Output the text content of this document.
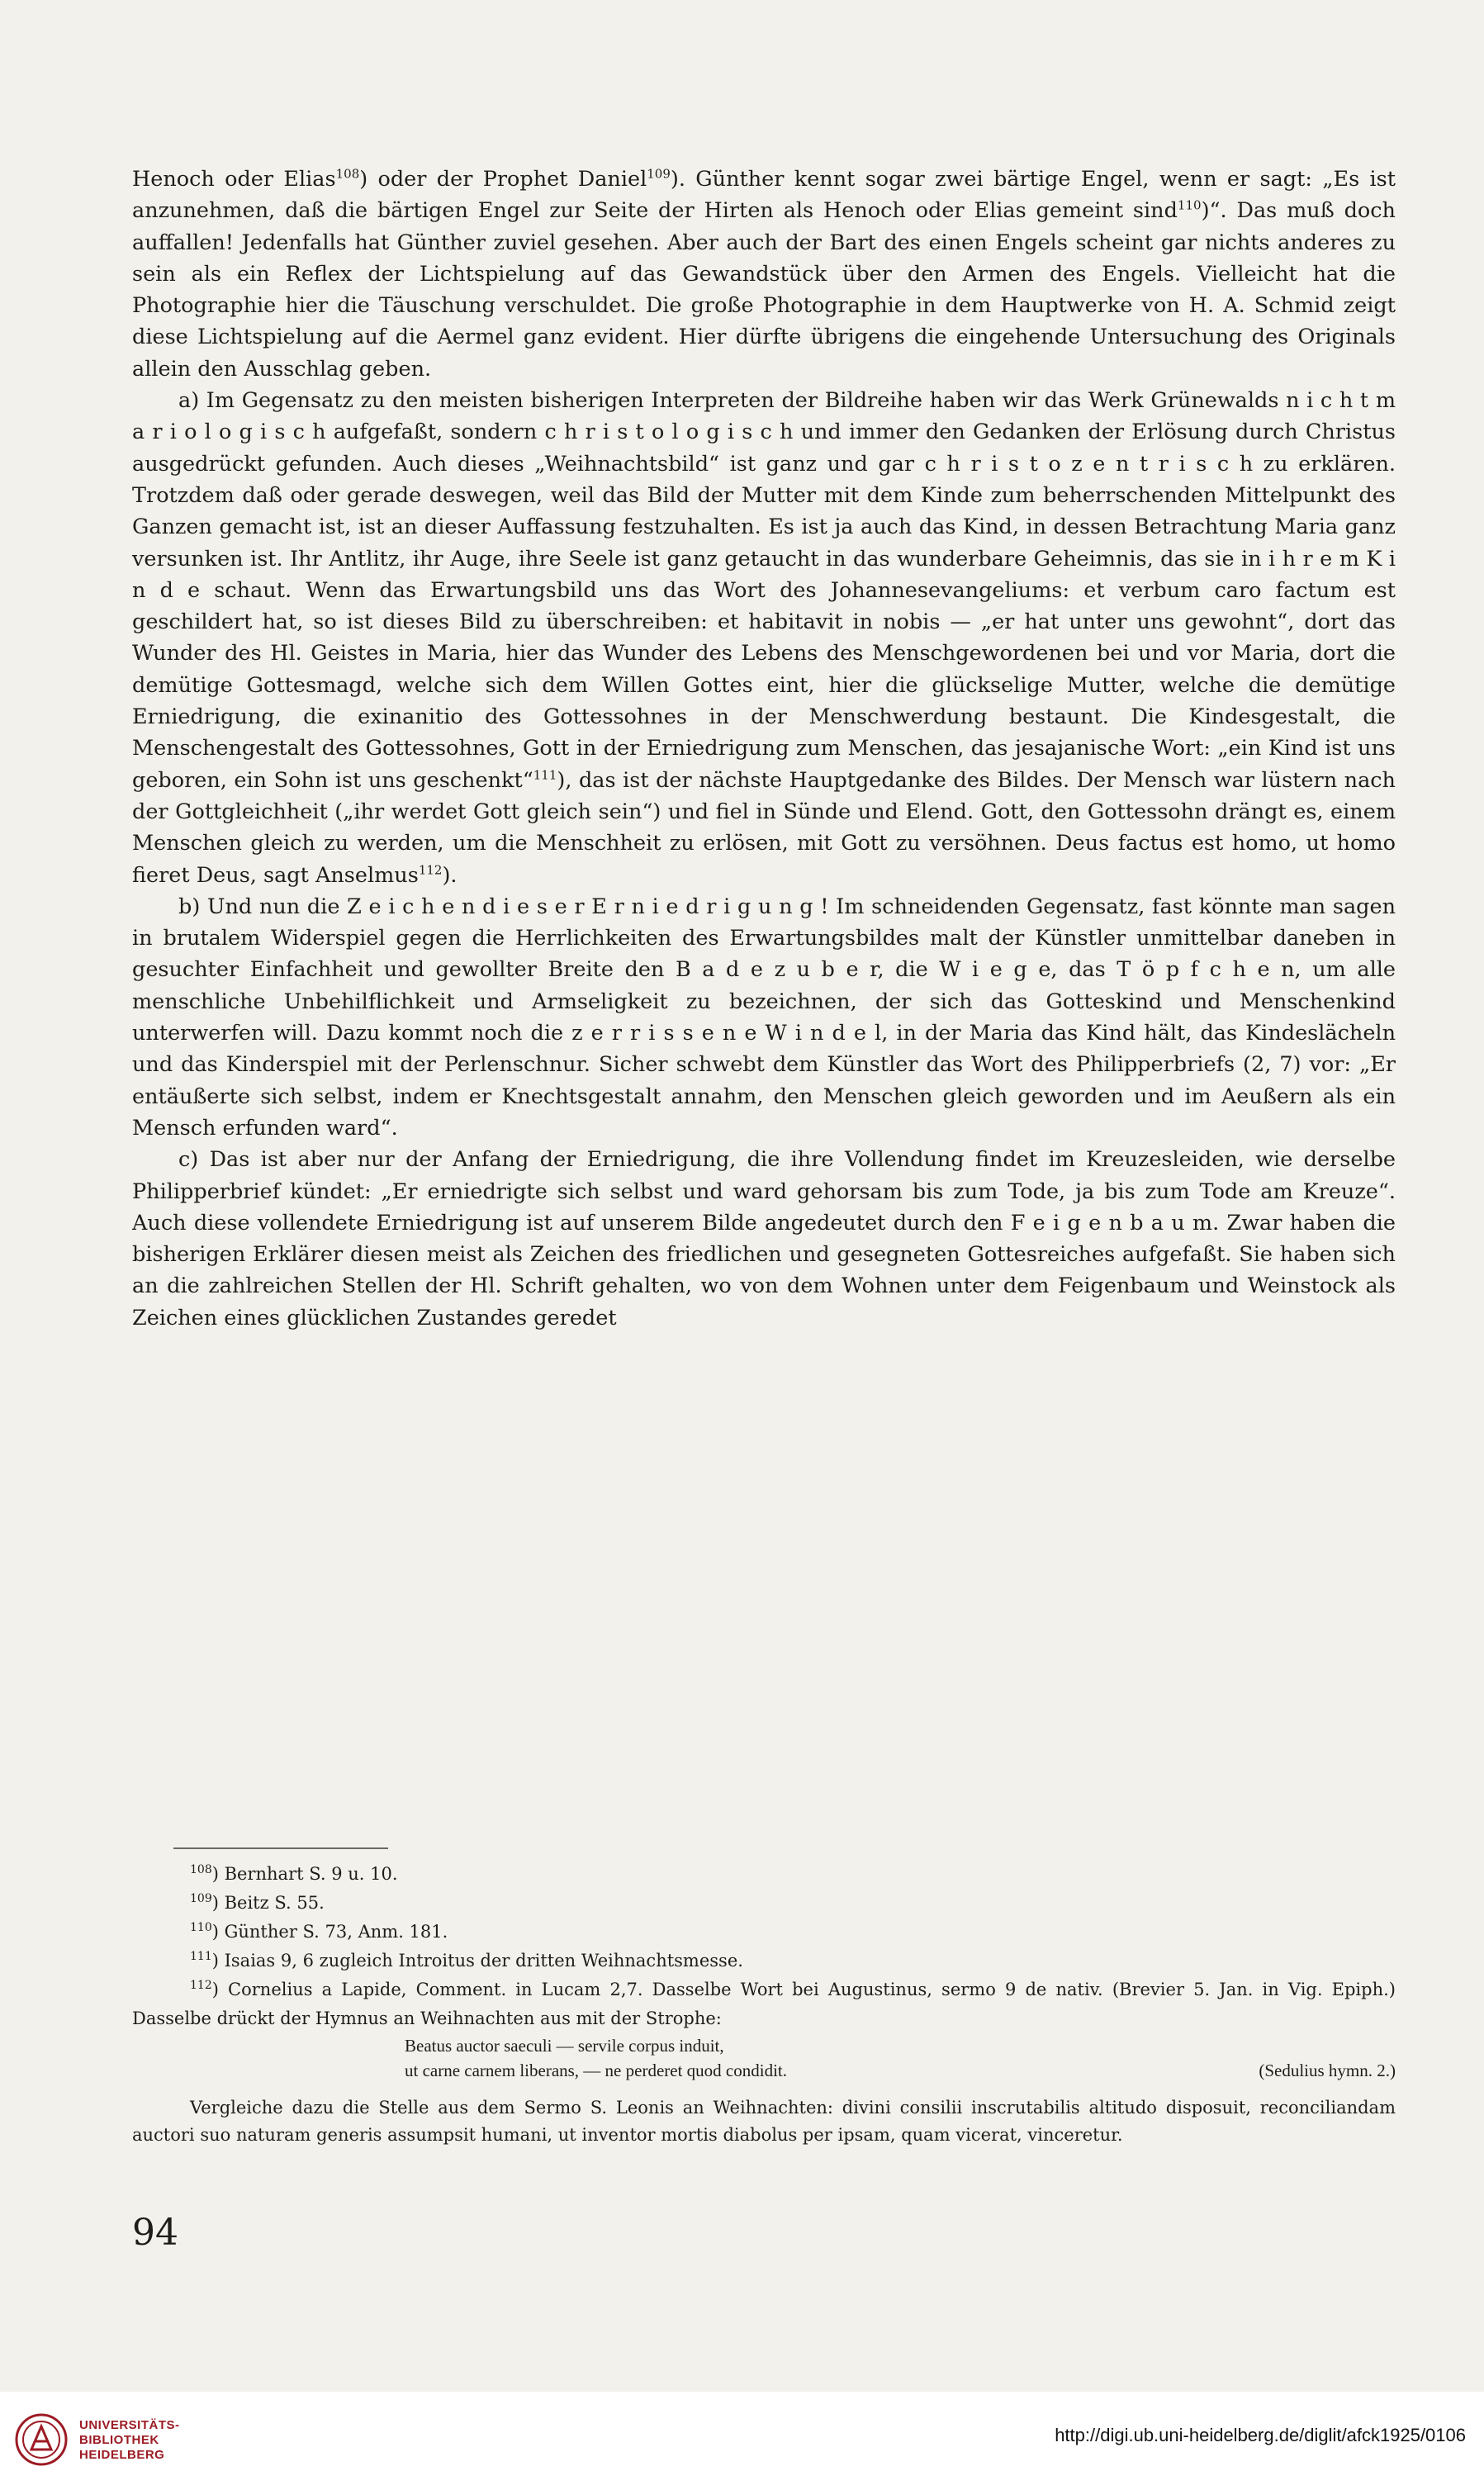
Henoch oder Elias$^{108}$) oder der Prophet Daniel$^{109}$). Günther kennt sogar zwei bärtige Engel, wenn er sagt: „Es ist anzunehmen, daß die bärtigen Engel zur Seite der Hirten als Henoch oder Elias gemeint sind$^{110}$)“. Das muß doch auffallen! Jedenfalls hat Günther zuviel gesehen. Aber auch der Bart des einen Engels scheint gar nichts anderes zu sein als ein Reflex der Lichtspielung auf das Gewandstück über den Armen des Engels. Vielleicht hat die Photographie hier die Täuschung verschuldet. Die große Photographie in dem Hauptwerke von H. A. Schmid zeigt diese Lichtspielung auf die Aermel ganz evident. Hier dürfte übrigens die eingehende Untersuchung des Originals allein den Ausschlag geben.

a) Im Gegensatz zu den meisten bisherigen Interpreten der Bildreihe haben wir das Werk Grünewalds n i c h t m a r i o l o g i s c h aufgefaßt, sondern c h r i s t o l o g i s c h und immer den Gedanken der Erlösung durch Christus ausgedrückt gefunden. Auch dieses „Weihnachtsbild“ ist ganz und gar c h r i s t o z e n t r i s c h zu erklären. Trotzdem daß oder gerade deswegen, weil das Bild der Mutter mit dem Kinde zum beherrschenden Mittelpunkt des Ganzen gemacht ist, ist an dieser Auffassung festzuhalten. Es ist ja auch das Kind, in dessen Betrachtung Maria ganz versunken ist. Ihr Antlitz, ihr Auge, ihre Seele ist ganz getaucht in das wunderbare Geheimnis, das sie in i h r e m K i n d e schaut. Wenn das Erwartungsbild uns das Wort des Johannesevangeliums: et verbum caro factum est geschildert hat, so ist dieses Bild zu überschreiben: et habitavit in nobis — „er hat unter uns gewohnt“, dort das Wunder des Hl. Geistes in Maria, hier das Wunder des Lebens des Menschgewordenen bei und vor Maria, dort die demütige Gottesmagd, welche sich dem Willen Gottes eint, hier die glückselige Mutter, welche die demütige Erniedrigung, die exinanitio des Gottessohnes in der Menschwerdung bestaunt. Die Kindesgestalt, die Menschengestalt des Gottessohnes, Gott in der Erniedrigung zum Menschen, das jesajanische Wort: „ein Kind ist uns geboren, ein Sohn ist uns geschenkt“$^{111}$), das ist der nächste Hauptgedanke des Bildes. Der Mensch war lüstern nach der Gottgleichheit („ihr werdet Gott gleich sein“) und fiel in Sünde und Elend. Gott, den Gottessohn drängt es, einem Menschen gleich zu werden, um die Menschheit zu erlösen, mit Gott zu versöhnen. Deus factus est homo, ut homo fieret Deus, sagt Anselmus$^{112}$).

b) Und nun die Z e i c h e n d i e s e r E r n i e d r i g u n g ! Im schneidenden Gegensatz, fast könnte man sagen in brutalem Widerspiel gegen die Herrlichkeiten des Erwartungsbildes malt der Künstler unmittelbar daneben in gesuchter Einfachheit und gewollter Breite den B a d e z u b e r, die W i e g e, das T ö p f c h e n, um alle menschliche Unbehilflichkeit und Armseligkeit zu bezeichnen, der sich das Gotteskind und Menschenkind unterwerfen will. Dazu kommt noch die z e r r i s s e n e W i n d e l, in der Maria das Kind hält, das Kindeslächeln und das Kinderspiel mit der Perlenschnur. Sicher schwebt dem Künstler das Wort des Philipperbriefs (2, 7) vor: „Er entäußerte sich selbst, indem er Knechtsgestalt annahm, den Menschen gleich geworden und im Aeußern als ein Mensch erfunden ward“.

c) Das ist aber nur der Anfang der Erniedrigung, die ihre Vollendung findet im Kreuzesleiden, wie derselbe Philipperbrief kündet: „Er erniedrigte sich selbst und ward gehorsam bis zum Tode, ja bis zum Tode am Kreuze“. Auch diese vollendete Erniedrigung ist auf unserem Bilde angedeutet durch den F e i g e n b a u m. Zwar haben die bisherigen Erklärer diesen meist als Zeichen des friedlichen und gesegneten Gottesreiches aufgefaßt. Sie haben sich an die zahlreichen Stellen der Hl. Schrift gehalten, wo von dem Wohnen unter dem Feigenbaum und Weinstock als Zeichen eines glücklichen Zustandes geredet

$^{108}$) Bernhart S. 9 u. 10.

$^{109}$) Beitz S. 55.

$^{110}$) Günther S. 73, Anm. 181.

$^{111}$) Isaias 9, 6 zugleich Introitus der dritten Weihnachtsmesse.

$^{112}$) Cornelius a Lapide, Comment. in Lucam 2,7. Dasselbe Wort bei Augustinus, sermo 9 de nativ. (Brevier 5. Jan. in Vig. Epiph.) Dasselbe drückt der Hymnus an Weihnachten aus mit der Strophe:

Beatus auctor saeculi — servile corpus induit,

ut carne carnem liberans, — ne perderet quod condidit.	(Sedulius hymn. 2.)

Vergleiche dazu die Stelle aus dem Sermo S. Leonis an Weihnachten: divini consilii inscrutabilis altitudo disposuit, reconciliandam auctori suo naturam generis assumpsit humani, ut inventor mortis diabolus per ipsam, quam vicerat, vinceretur.

94
UNIVERSITÄTS-
BIBLIOTHEK
HEIDELBERG
http://digi.ub.uni-heidelberg.de/diglit/afck1925/0106
